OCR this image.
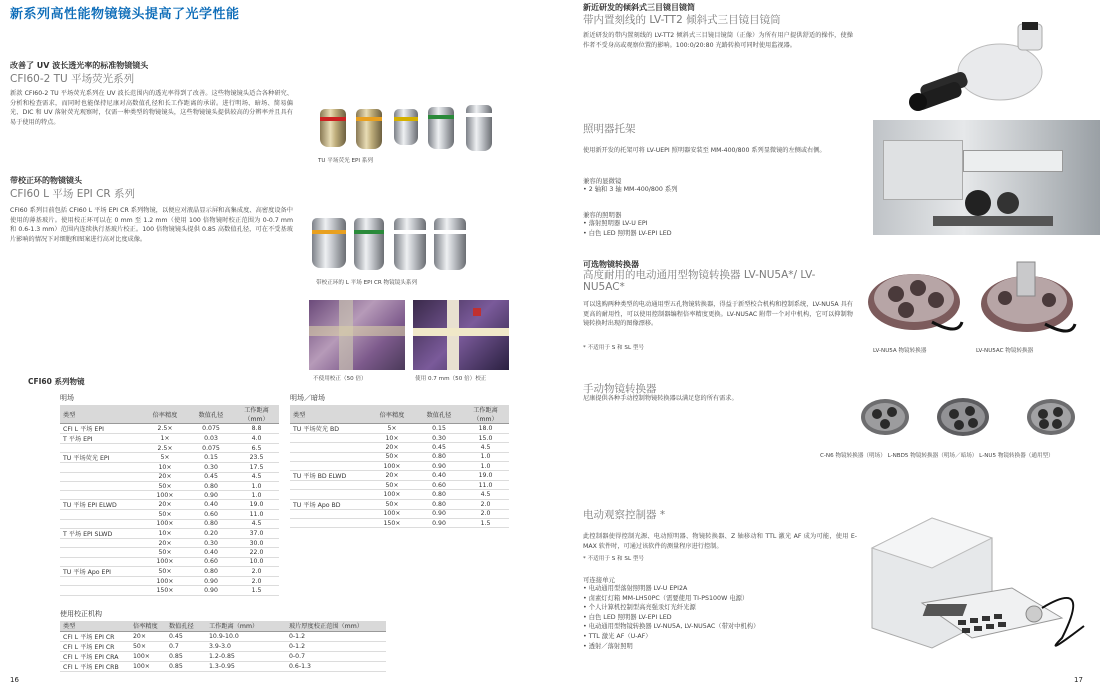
新系列高性能物镜镜头提高了光学性能
改善了 UV 波长透光率的标准物镜镜头
CFI60-2 TU 平场荧光系列
新款 CFI60-2 TU 平场荧光系列在 UV 波长范围内的透光率得到了改善。这些物镜镜头适合各种研究、分析和检查需求，而同时也能保持尼康对高数值孔径和长工作距离的承诺。进行明场、暗场、简易偏光、DIC 和 UV 落射荧光观察时，仅需一种类型的物镜镜头，这些物镜镜头提供较高的分辨率并且具有易于使用的特点。
TU 平场荧光 EPI 系列
带校正环的物镜镜头
CFI60 L 平场 EPI CR 系列
CFI60 系列目前包括 CFI60 L 平场 EPI CR 系列物镜，以便应对液晶显示屏和高集成度、高密度设备中使用的薄基玻片。使用校正环可以在 0 mm 至 1.2 mm（使用 100 倍物镜时校正范围为 0-0.7 mm 和 0.6-1.3 mm）范围内连续执行基玻片校正。100 倍物镜镜头提供 0.85 高数值孔径，可在不受基玻片影响的情况下对细胞和图案进行高对比度成像。
带校正环的 L 平场 EPI CR 物镜镜头系列
不使用校正（50 倍）	使用 0.7 mm（50 倍）校正
CFI60 系列物镜
明场
类型	倍率精度	数值孔径	工作距离（mm）
CFI L 平场 EPI	2.5×	0.075	8.8
T 平场 EPI	1×	0.03	4.0
	2.5×	0.075	6.5
TU 平场荧光 EPI	5×	0.15	23.5
	10×	0.30	17.5
	20×	0.45	4.5
	50×	0.80	1.0
	100×	0.90	1.0
TU 平场 EPI ELWD	20×	0.40	19.0
	50×	0.60	11.0
	100×	0.80	4.5
T 平场 EPI SLWD	10×	0.20	37.0
	20×	0.30	30.0
	50×	0.40	22.0
	100×	0.60	10.0
TU 平场 Apo EPI	50×	0.80	2.0
	100×	0.90	2.0
	150×	0.90	1.5
明场／暗场
类型	倍率精度	数值孔径	工作距离（mm）
TU 平场荧光 BD	5×	0.15	18.0
	10×	0.30	15.0
	20×	0.45	4.5
	50×	0.80	1.0
	100×	0.90	1.0
TU 平场 BD ELWD	20×	0.40	19.0
	50×	0.60	11.0
	100×	0.80	4.5
TU 平场 Apo BD	50×	0.80	2.0
	100×	0.90	2.0
	150×	0.90	1.5
使用校正机构
类型	倍率精度	数值孔径	工作距离（mm）	玻片厚度校正范围（mm）
CFI L 平场 EPI CR	20×	0.45	10.9-10.0	0-1.2
CFI L 平场 EPI CR	50×	0.7	3.9-3.0	0-1.2
CFI L 平场 EPI CRA	100×	0.85	1.2-0.85	0-0.7
CFI L 平场 EPI CRB	100×	0.85	1.3-0.95	0.6-1.3
16
新近研发的倾斜式三目镜目镜筒
带内置刻线的 LV-TT2 倾斜式三目镜目镜筒
新近研发的带内置刻线的 LV-TT2 倾斜式三目镜目镜筒（正像）为所有用户提供舒适的操作，使操作者不受身高或观察位置的影响。100:0/20:80 光路转换可同时使用监视器。
照明器托架
使用新开发的托架可将 LV-UEPI 照明器安装至 MM-400/800 系列显微镜的左侧或右侧。
兼容的显微镜
• 2 轴和 3 轴 MM-400/800 系列
兼容的照明器
• 落射照明器 LV-U EPI
• 白色 LED 照明器 LV-EPI LED
可选物镜转换器
高度耐用的电动通用型物镜转换器 LV-NU5A*/ LV-NU5AC*
可以选购两种类型的电动通用型五孔物镜转换器，得益于新型校合机构和控制系统，LV-NU5A 具有更高的耐用性，可以使用控制器编程倍率精度更换。LV-NU5AC 附带一个对中机构，它可以抑制物镜转换时出现的图像漂移。
* 不适用于 S 和 SL 型号	LV-NU5A 物镜转换器	LV-NU5AC 物镜转换器
手动物镜转换器
尼康提供各种手动控制物镜转换器以满足您的所有需求。
C-N6 物镜转换器（明场） L-NBD5 物镜转换器（明场／暗场） L-NU5 物镜转换器（通用型）
电动观察控制器 *
此控制器使得控制光源、电动照明器、物镜转换器、Z 轴移动和 TTL 激光 AF 成为可能，使用 E-MAX 软件时，可通过该软件的测量程序进行控制。
* 不适用于 S 和 SL 型号
可连接单元
• 电动通用型落射照明器 LV-U EPI2A
• 卤素灯灯箱 MM-LH50PC（需要使用 TI-PS100W 电源）
• 个人计算机控制型高亮强汞灯光纤光源
• 白色 LED 照明器 LV-EPI LED
• 电动通用型物镜转换器 LV-NU5A, LV-NU5AC（带对中机构）
• TTL 激光 AF（U-AF）
• 透射／落射照明
17
